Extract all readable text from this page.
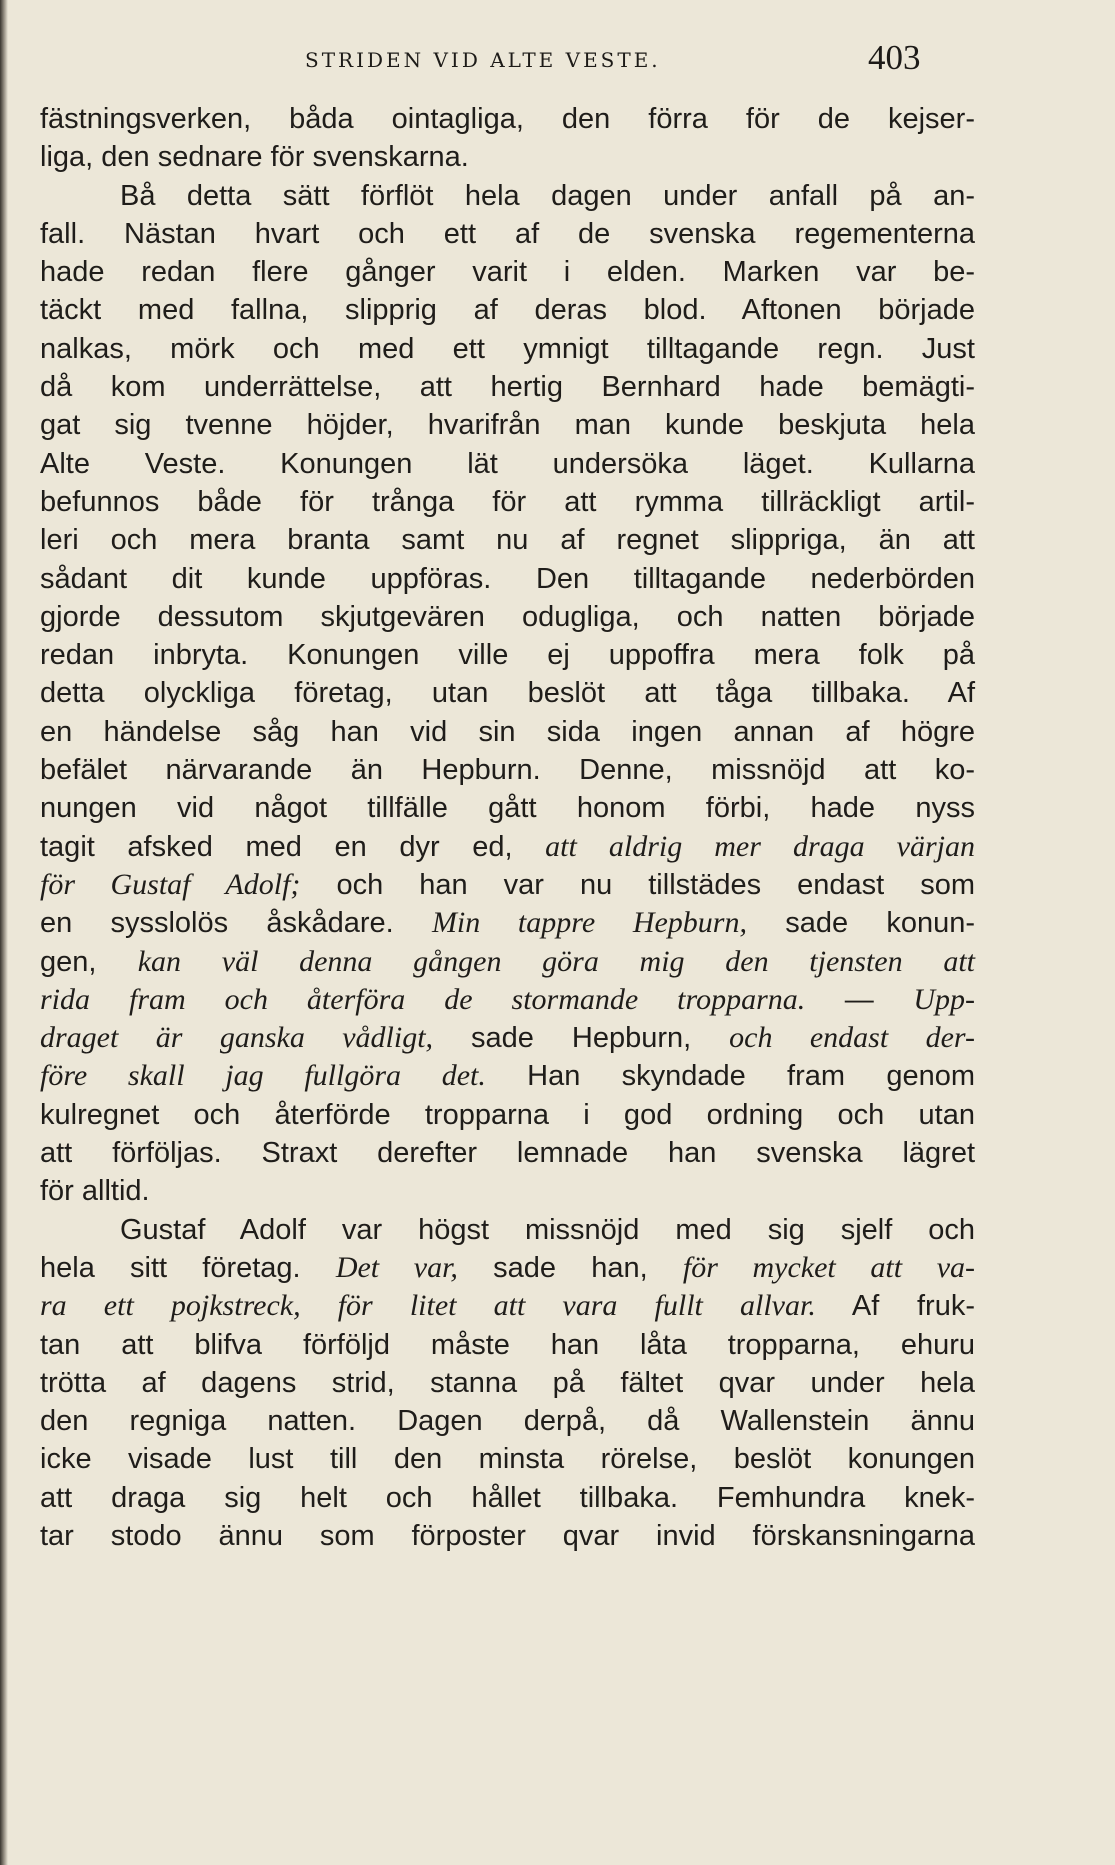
STRIDEN VID ALTE VESTE.	403
fästningsverken, båda ointagliga, den förra för de kejser-
liga, den sednare för svenskarna.
Bå detta sätt förflöt hela dagen under anfall på an-
fall. Nästan hvart och ett af de svenska regementerna
hade redan flere gånger varit i elden. Marken var be-
täckt med fallna, slipprig af deras blod. Aftonen började
nalkas, mörk och med ett ymnigt tilltagande regn. Just
då kom underrättelse, att hertig Bernhard hade bemägti-
gat sig tvenne höjder, hvarifrån man kunde beskjuta hela
Alte Veste. Konungen lät undersöka läget. Kullarna
befunnos både för trånga för att rymma tillräckligt artil-
leri och mera branta samt nu af regnet slippriga, än att
sådant dit kunde uppföras. Den tilltagande nederbörden
gjorde dessutom skjutgevären odugliga, och natten började
redan inbryta. Konungen ville ej uppoffra mera folk på
detta olyckliga företag, utan beslöt att tåga tillbaka. Af
en händelse såg han vid sin sida ingen annan af högre
befälet närvarande än Hepburn. Denne, missnöjd att ko-
nungen vid något tillfälle gått honom förbi, hade nyss
tagit afsked med en dyr ed, att aldrig mer draga värjan
för Gustaf Adolf; och han var nu tillstädes endast som
en sysslolös åskådare. Min tappre Hepburn, sade konun-
gen, kan väl denna gången göra mig den tjensten att
rida fram och återföra de stormande tropparna. — Upp-
draget är ganska vådligt, sade Hepburn, och endast der-
före skall jag fullgöra det. Han skyndade fram genom
kulregnet och återförde tropparna i god ordning och utan
att förföljas. Straxt derefter lemnade han svenska lägret
för alltid.
Gustaf Adolf var högst missnöjd med sig sjelf och
hela sitt företag. Det var, sade han, för mycket att va-
ra ett pojkstreck, för litet att vara fullt allvar. Af fruk-
tan att blifva förföljd måste han låta tropparna, ehuru
trötta af dagens strid, stanna på fältet qvar under hela
den regniga natten. Dagen derpå, då Wallenstein ännu
icke visade lust till den minsta rörelse, beslöt konungen
att draga sig helt och hållet tillbaka. Femhundra knek-
tar stodo ännu som förposter qvar invid förskansningarna
